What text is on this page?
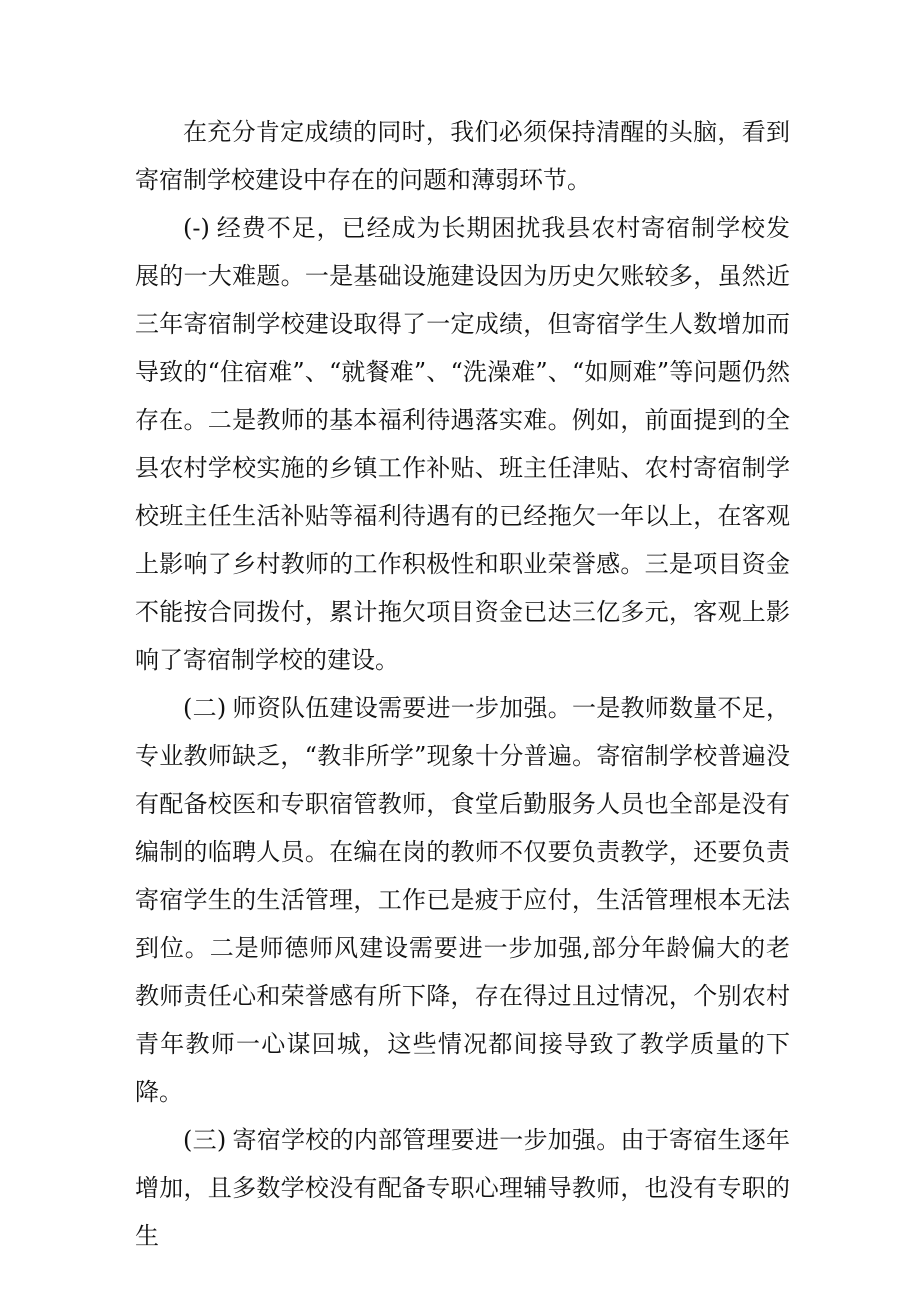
在充分肯定成绩的同时，我们必须保持清醒的头脑，看到寄宿制学校建设中存在的问题和薄弱环节。

(-) 经费不足，已经成为长期困扰我县农村寄宿制学校发展的一大难题。一是基础设施建设因为历史欠账较多，虽然近三年寄宿制学校建设取得了一定成绩，但寄宿学生人数增加而导致的“住宿难”、“就餐难”、“洗澡难”、“如厕难”等问题仍然存在。二是教师的基本福利待遇落实难。例如，前面提到的全县农村学校实施的乡镇工作补贴、班主任津贴、农村寄宿制学校班主任生活补贴等福利待遇有的已经拖欠一年以上，在客观上影响了乡村教师的工作积极性和职业荣誉感。三是项目资金不能按合同拨付，累计拖欠项目资金已达三亿多元，客观上影响了寄宿制学校的建设。

(二) 师资队伍建设需要进一步加强。一是教师数量不足，专业教师缺乏，“教非所学”现象十分普遍。寄宿制学校普遍没有配备校医和专职宿管教师，食堂后勤服务人员也全部是没有编制的临聘人员。在编在岗的教师不仅要负责教学，还要负责寄宿学生的生活管理，工作已是疲于应付，生活管理根本无法到位。二是师德师风建设需要进一步加强,部分年龄偏大的老教师责任心和荣誉感有所下降，存在得过且过情况，个别农村青年教师一心谋回城，这些情况都间接导致了教学质量的下降。

(三) 寄宿学校的内部管理要进一步加强。由于寄宿生逐年增加，且多数学校没有配备专职心理辅导教师，也没有专职的生
